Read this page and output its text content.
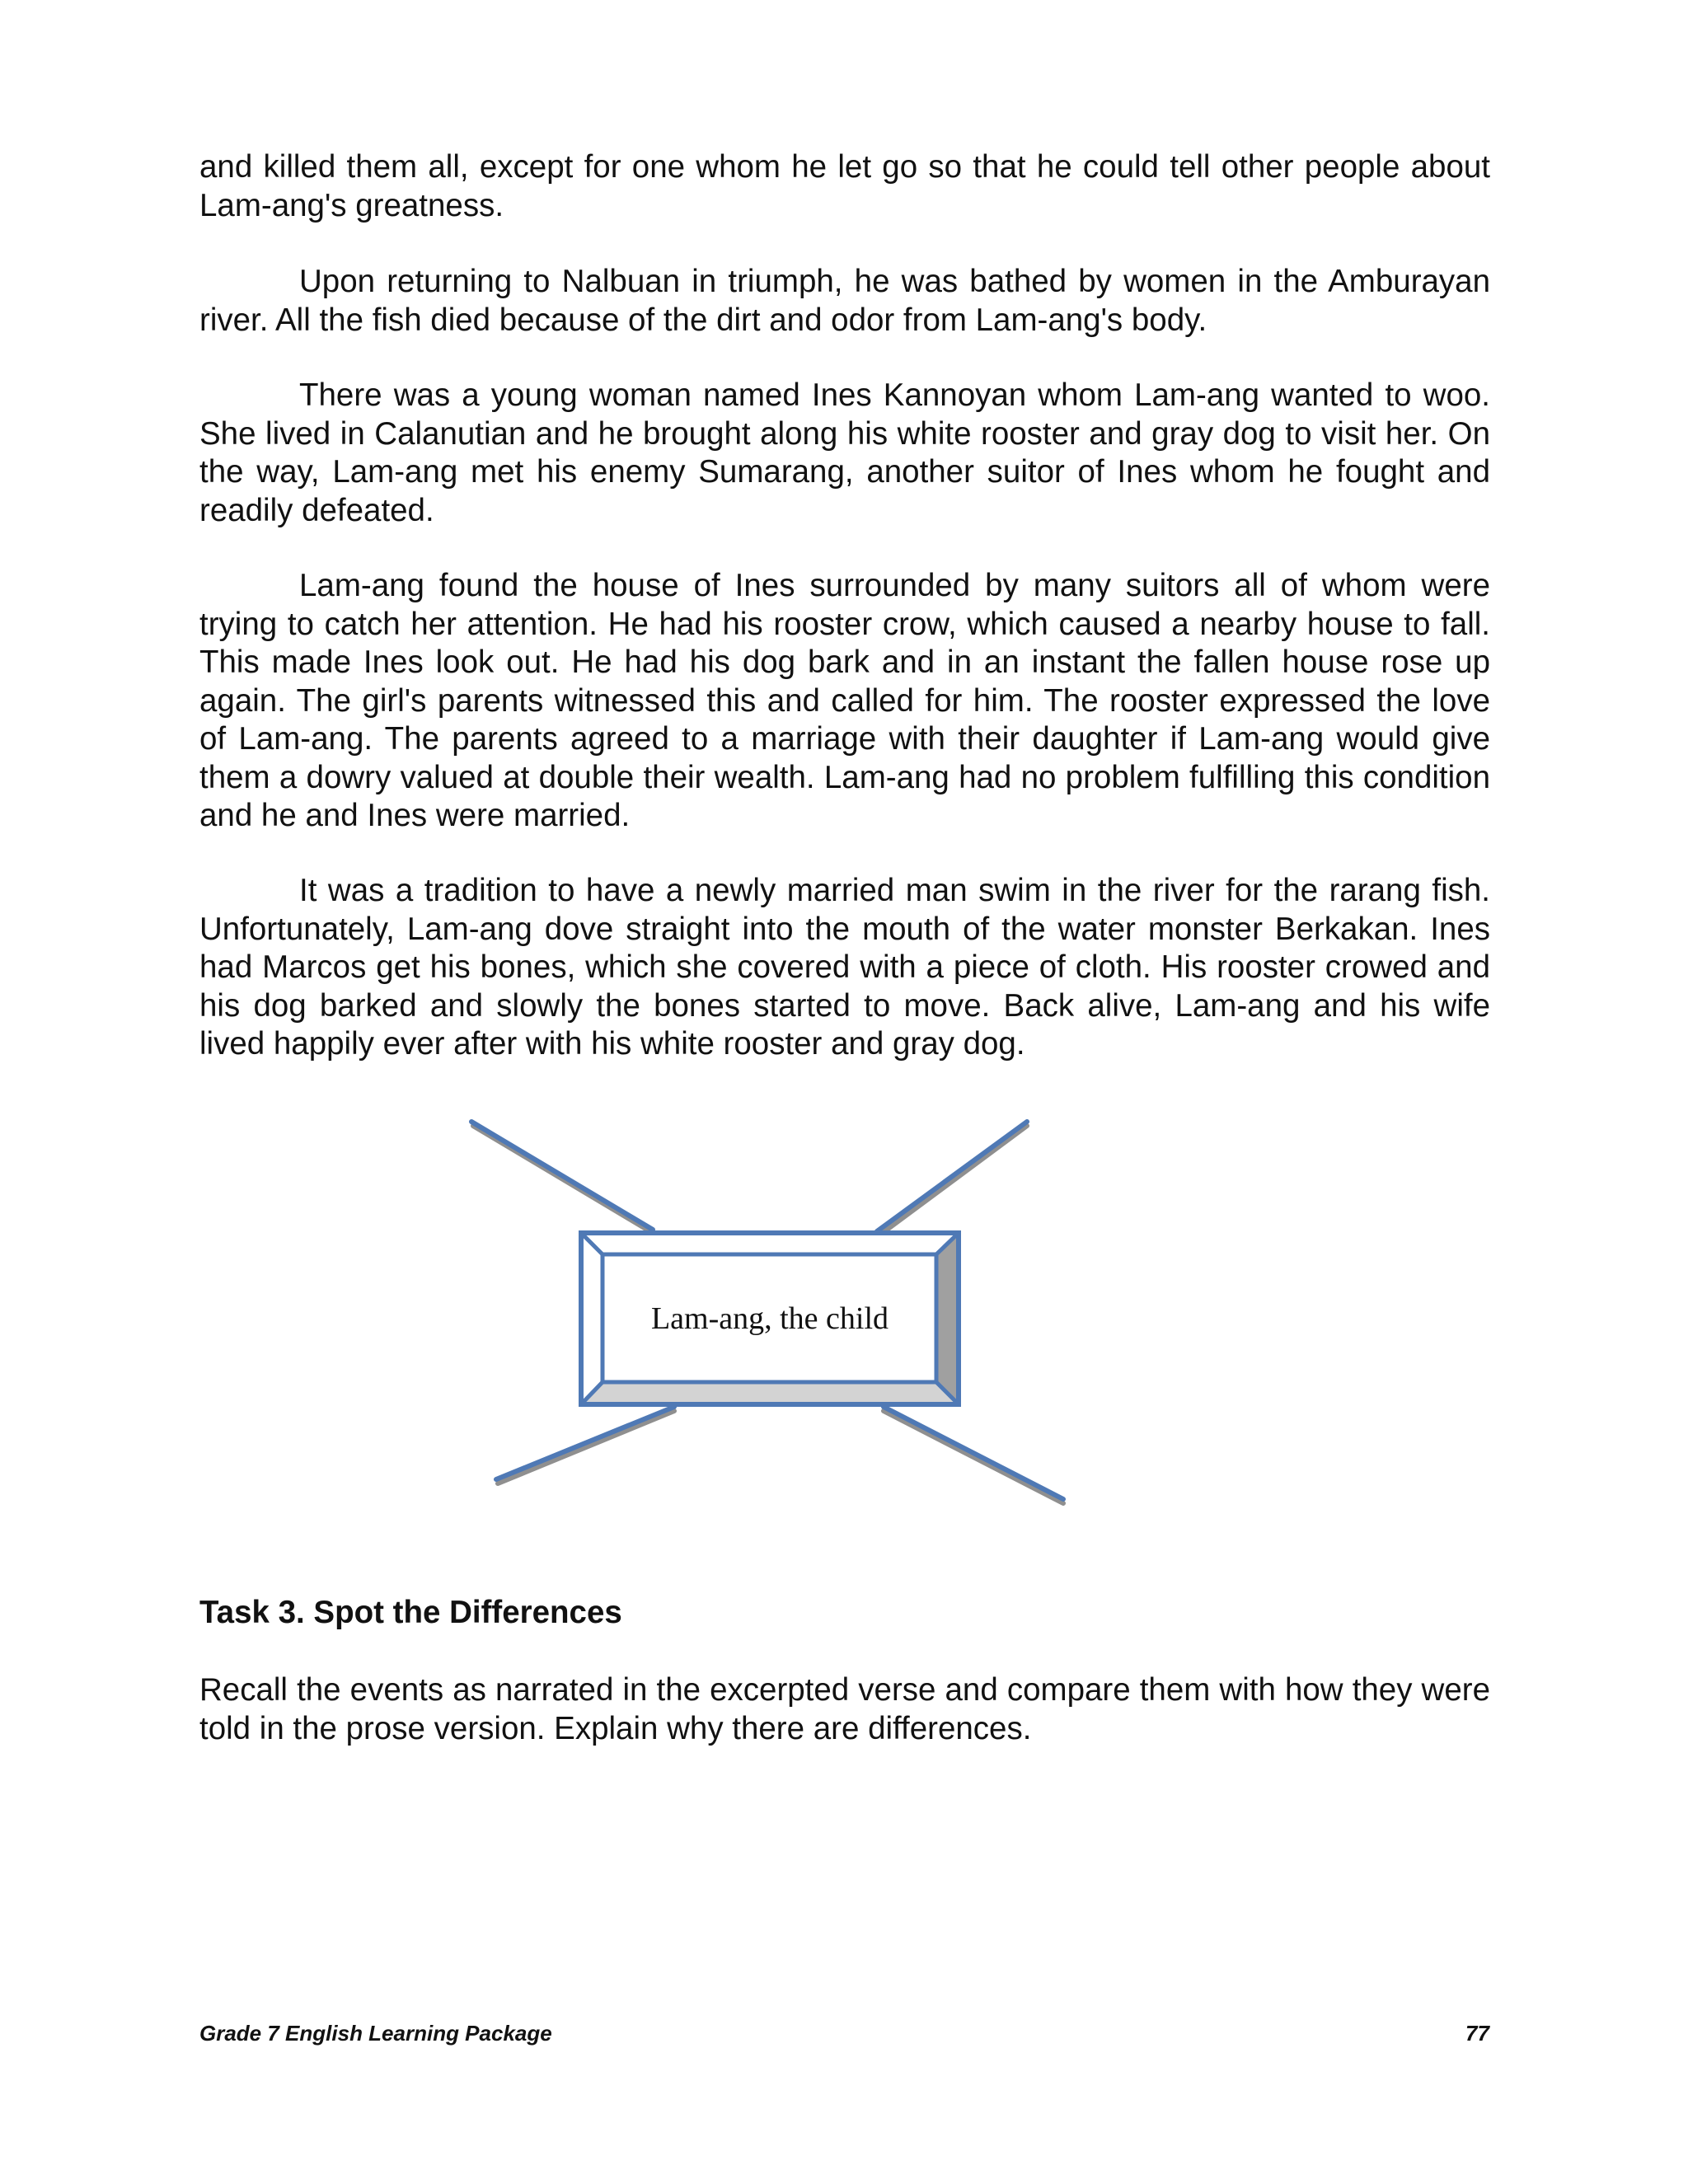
and killed them all, except for one whom he let go so that he could tell other people about Lam-ang's greatness.

Upon returning to Nalbuan in triumph, he was bathed by women in the Amburayan river. All the fish died because of the dirt and odor from Lam-ang's body.

There was a young woman named Ines Kannoyan whom Lam-ang wanted to woo. She lived in Calanutian and he brought along his white rooster and gray dog to visit her. On the way, Lam-ang met his enemy Sumarang, another suitor of Ines whom he fought and readily defeated.

Lam-ang found the house of Ines surrounded by many suitors all of whom were trying to catch her attention. He had his rooster crow, which caused a nearby house to fall. This made Ines look out. He had his dog bark and in an instant the fallen house rose up again. The girl's parents witnessed this and called for him. The rooster expressed the love of Lam-ang. The parents agreed to a marriage with their daughter if Lam-ang would give them a dowry valued at double their wealth. Lam-ang had no problem fulfilling this condition and he and Ines were married.

It was a tradition to have a newly married man swim in the river for the rarang fish. Unfortunately, Lam-ang dove straight into the mouth of the water monster Berkakan. Ines had Marcos get his bones, which she covered with a piece of cloth. His rooster crowed and his dog barked and slowly the bones started to move. Back alive, Lam-ang and his wife lived happily ever after with his white rooster and gray dog.

Lam-ang, the child
Task 3. Spot the Differences

Recall the events as narrated in the excerpted verse and compare them with how they were told in the prose version. Explain why there are differences.

Grade 7 English Learning Package	77
